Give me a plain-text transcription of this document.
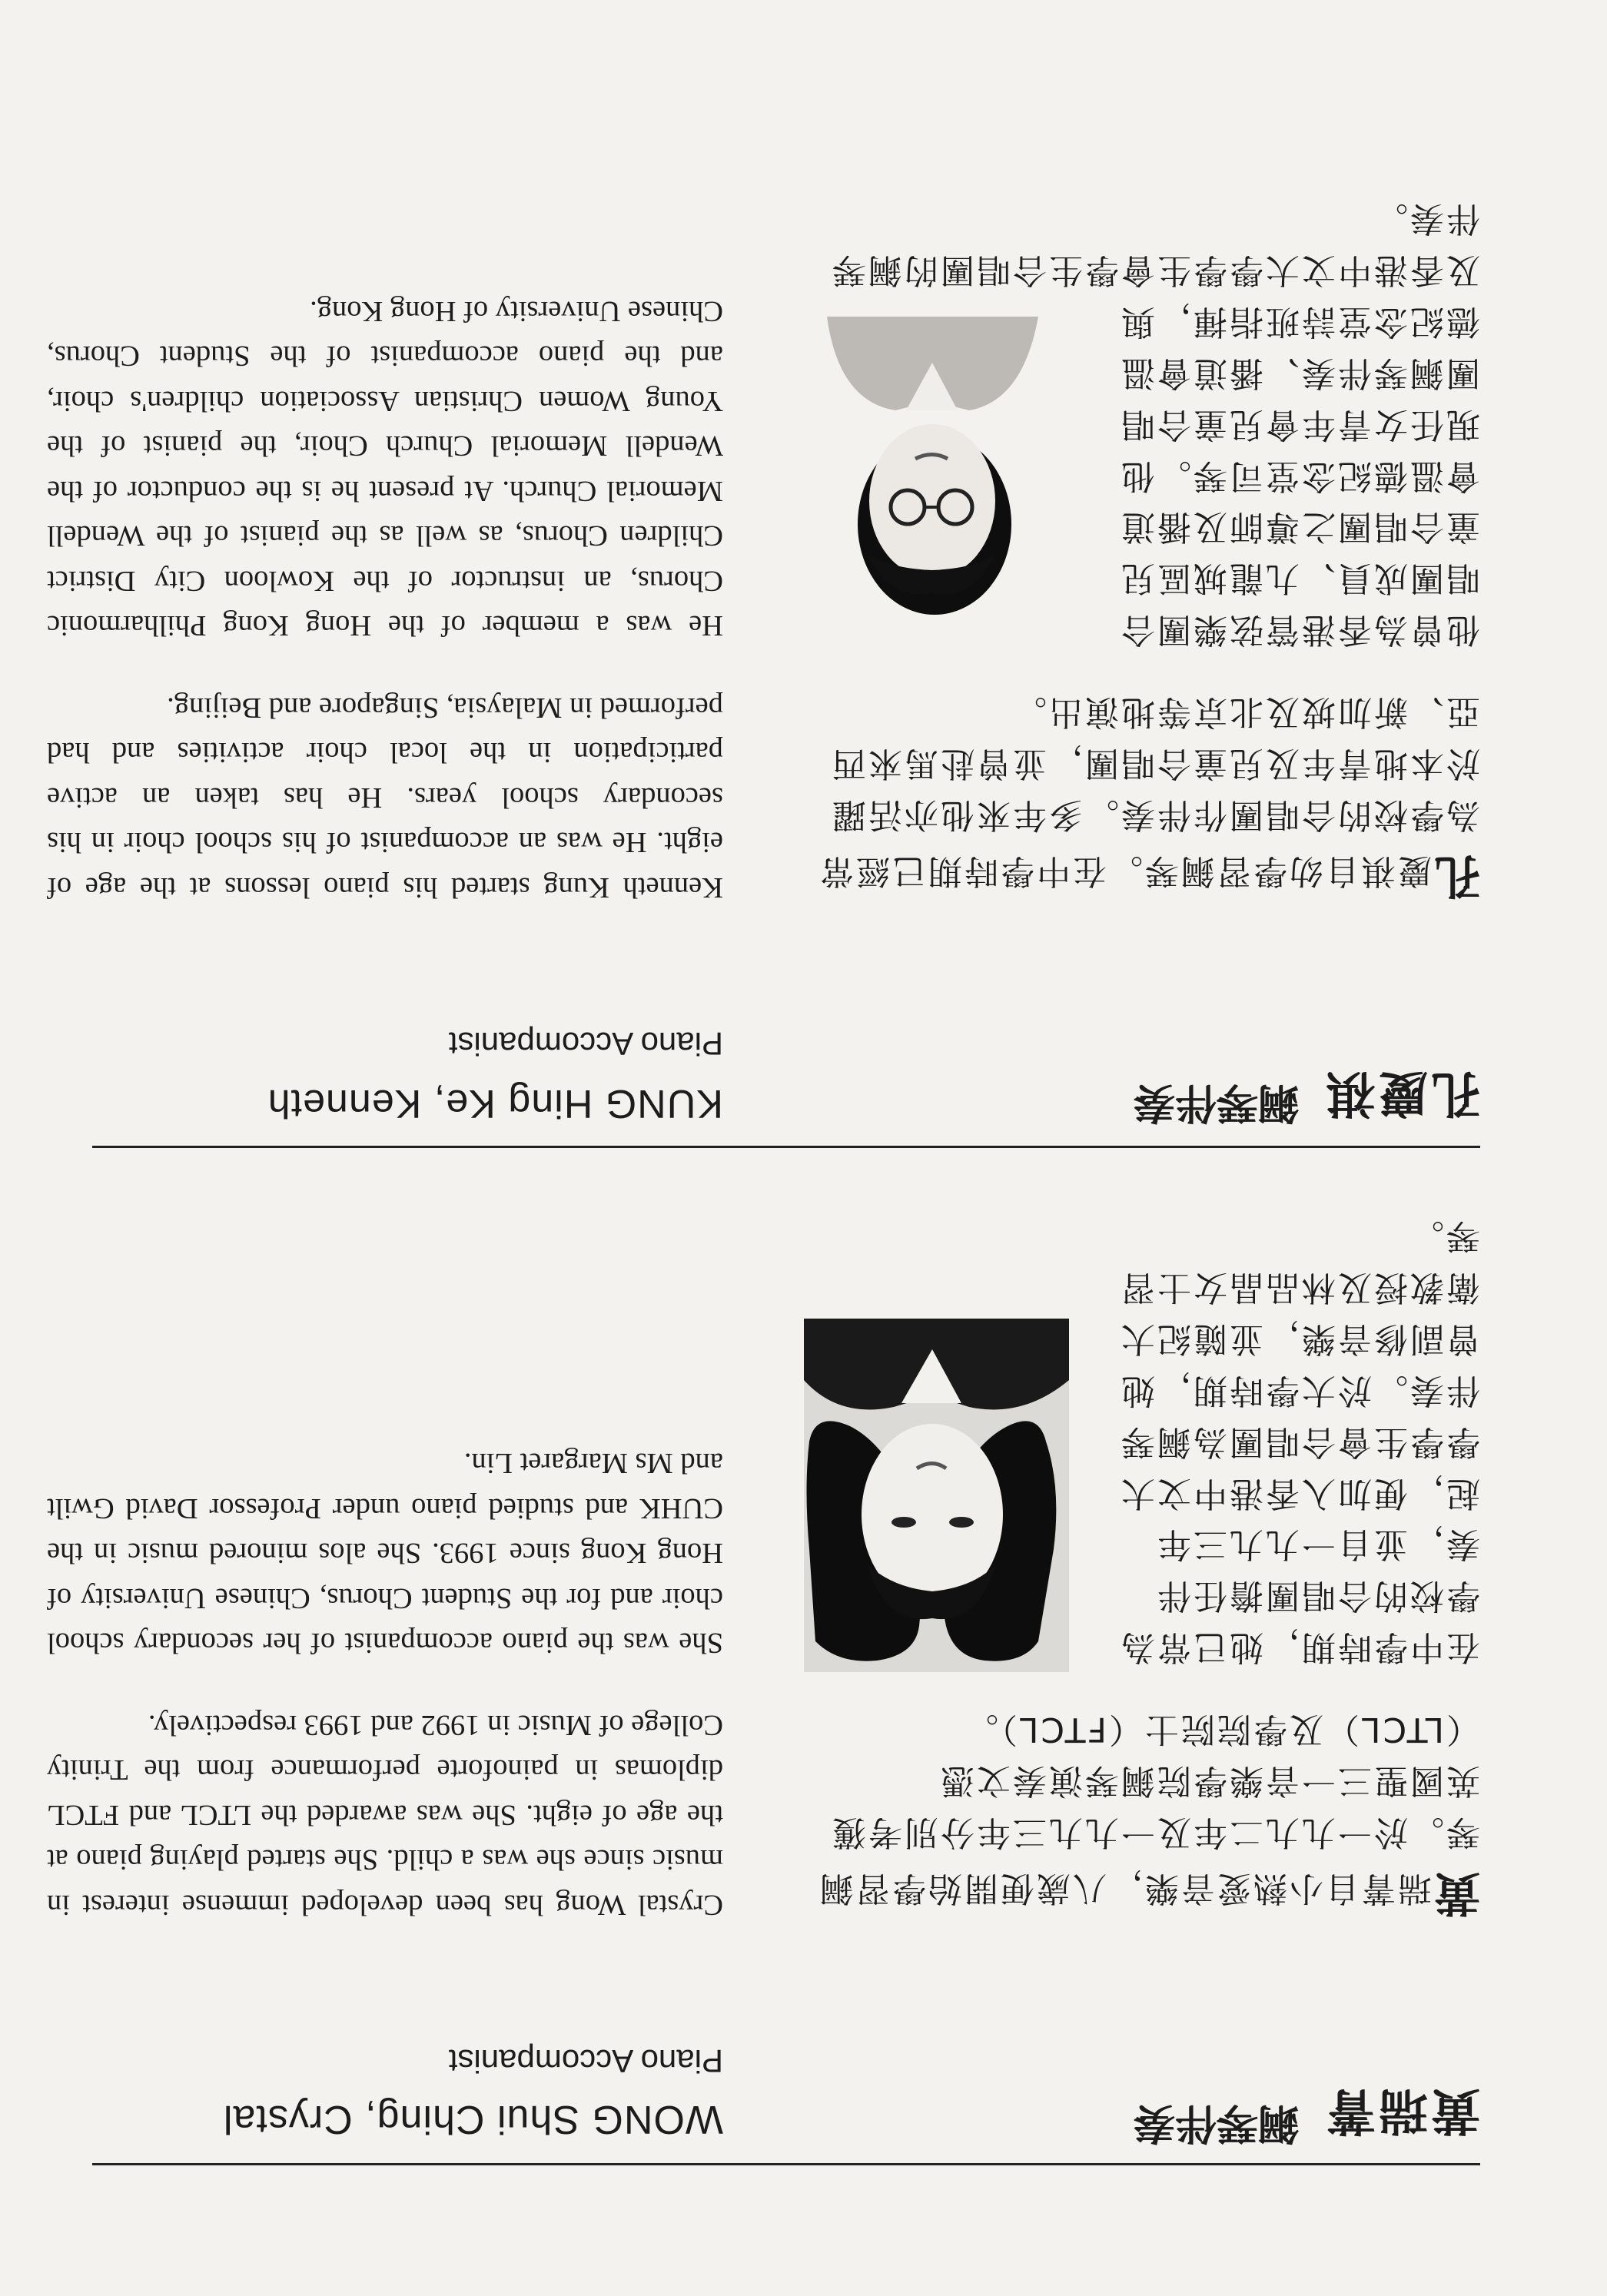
黃瑞菁
WONG Shui Ching, Crystal	鋼琴伴奏
Piano Accompanist

黃瑞菁自小熱愛音樂，八歲便開始學習鋼琴。於一九九二年及一九九三年分別考獲英國聖三一音樂學院鋼琴演奏文憑（LTCL）及學院院士（FTCL）。

在中學時期，她已常為學校的合唱團擔任伴奏，並自一九九三年起，便加入香港中文大學學生會合唱團為鋼琴伴奏。於大學時期，她曾副修音樂，並隨紀大衛教授及林品晶女士習琴。

Crystal Wong has been developed immense interest in music since she was a child. She started playing piano at the age of eight. She was awarded the LTCL and FTCL diplomas in painoforte performance from the Trinity College of Music in 1992 and 1993 respectively.

She was the piano accompanist of her secondary school choir and for the Student Chorus, Chinese University of Hong Kong since 1993. She alos minored music in the CUHK and studied piano under Professor David Gwilt and Ms Margaret Lin.

孔慶祺
KUNG Hing Ke, Kenneth	鋼琴伴奏
Piano Accompanist

孔慶祺自幼學習鋼琴。在中學時期已經常為學校的合唱團作伴奏。多年來他亦活躍於本地青年及兒童合唱團，並曾赴馬來西亞、新加坡及北京等地演出。

他曾為香港管弦樂團合唱團成員、九龍城區兒童合唱團之導師及播道會溫德紀念堂司琴。他現任女青年會兒童合唱團鋼琴伴奏、播道會溫德紀念堂詩班指揮，與及香港中文大學學生會學生合唱團的鋼琴伴奏。

Kenneth Kung started his piano lessons at the age of eight. He was an accompanist of his school choir in his secondary school years. He has taken an active participation in the local choir activities and had performed in Malaysia, Singapore and Beijing.

He was a member of the Hong Kong Philharmonic Chorus, an instructor of the Kowloon City District Children Chorus, as well as the pianist of the Wendell Memorial Church. At present he is the conductor of the Wendell Memorial Church Choir, the pianist of the Young Women Christian Association children's choir, and the piano accompanist of the Student Chorus, Chinese University of Hong Kong.
